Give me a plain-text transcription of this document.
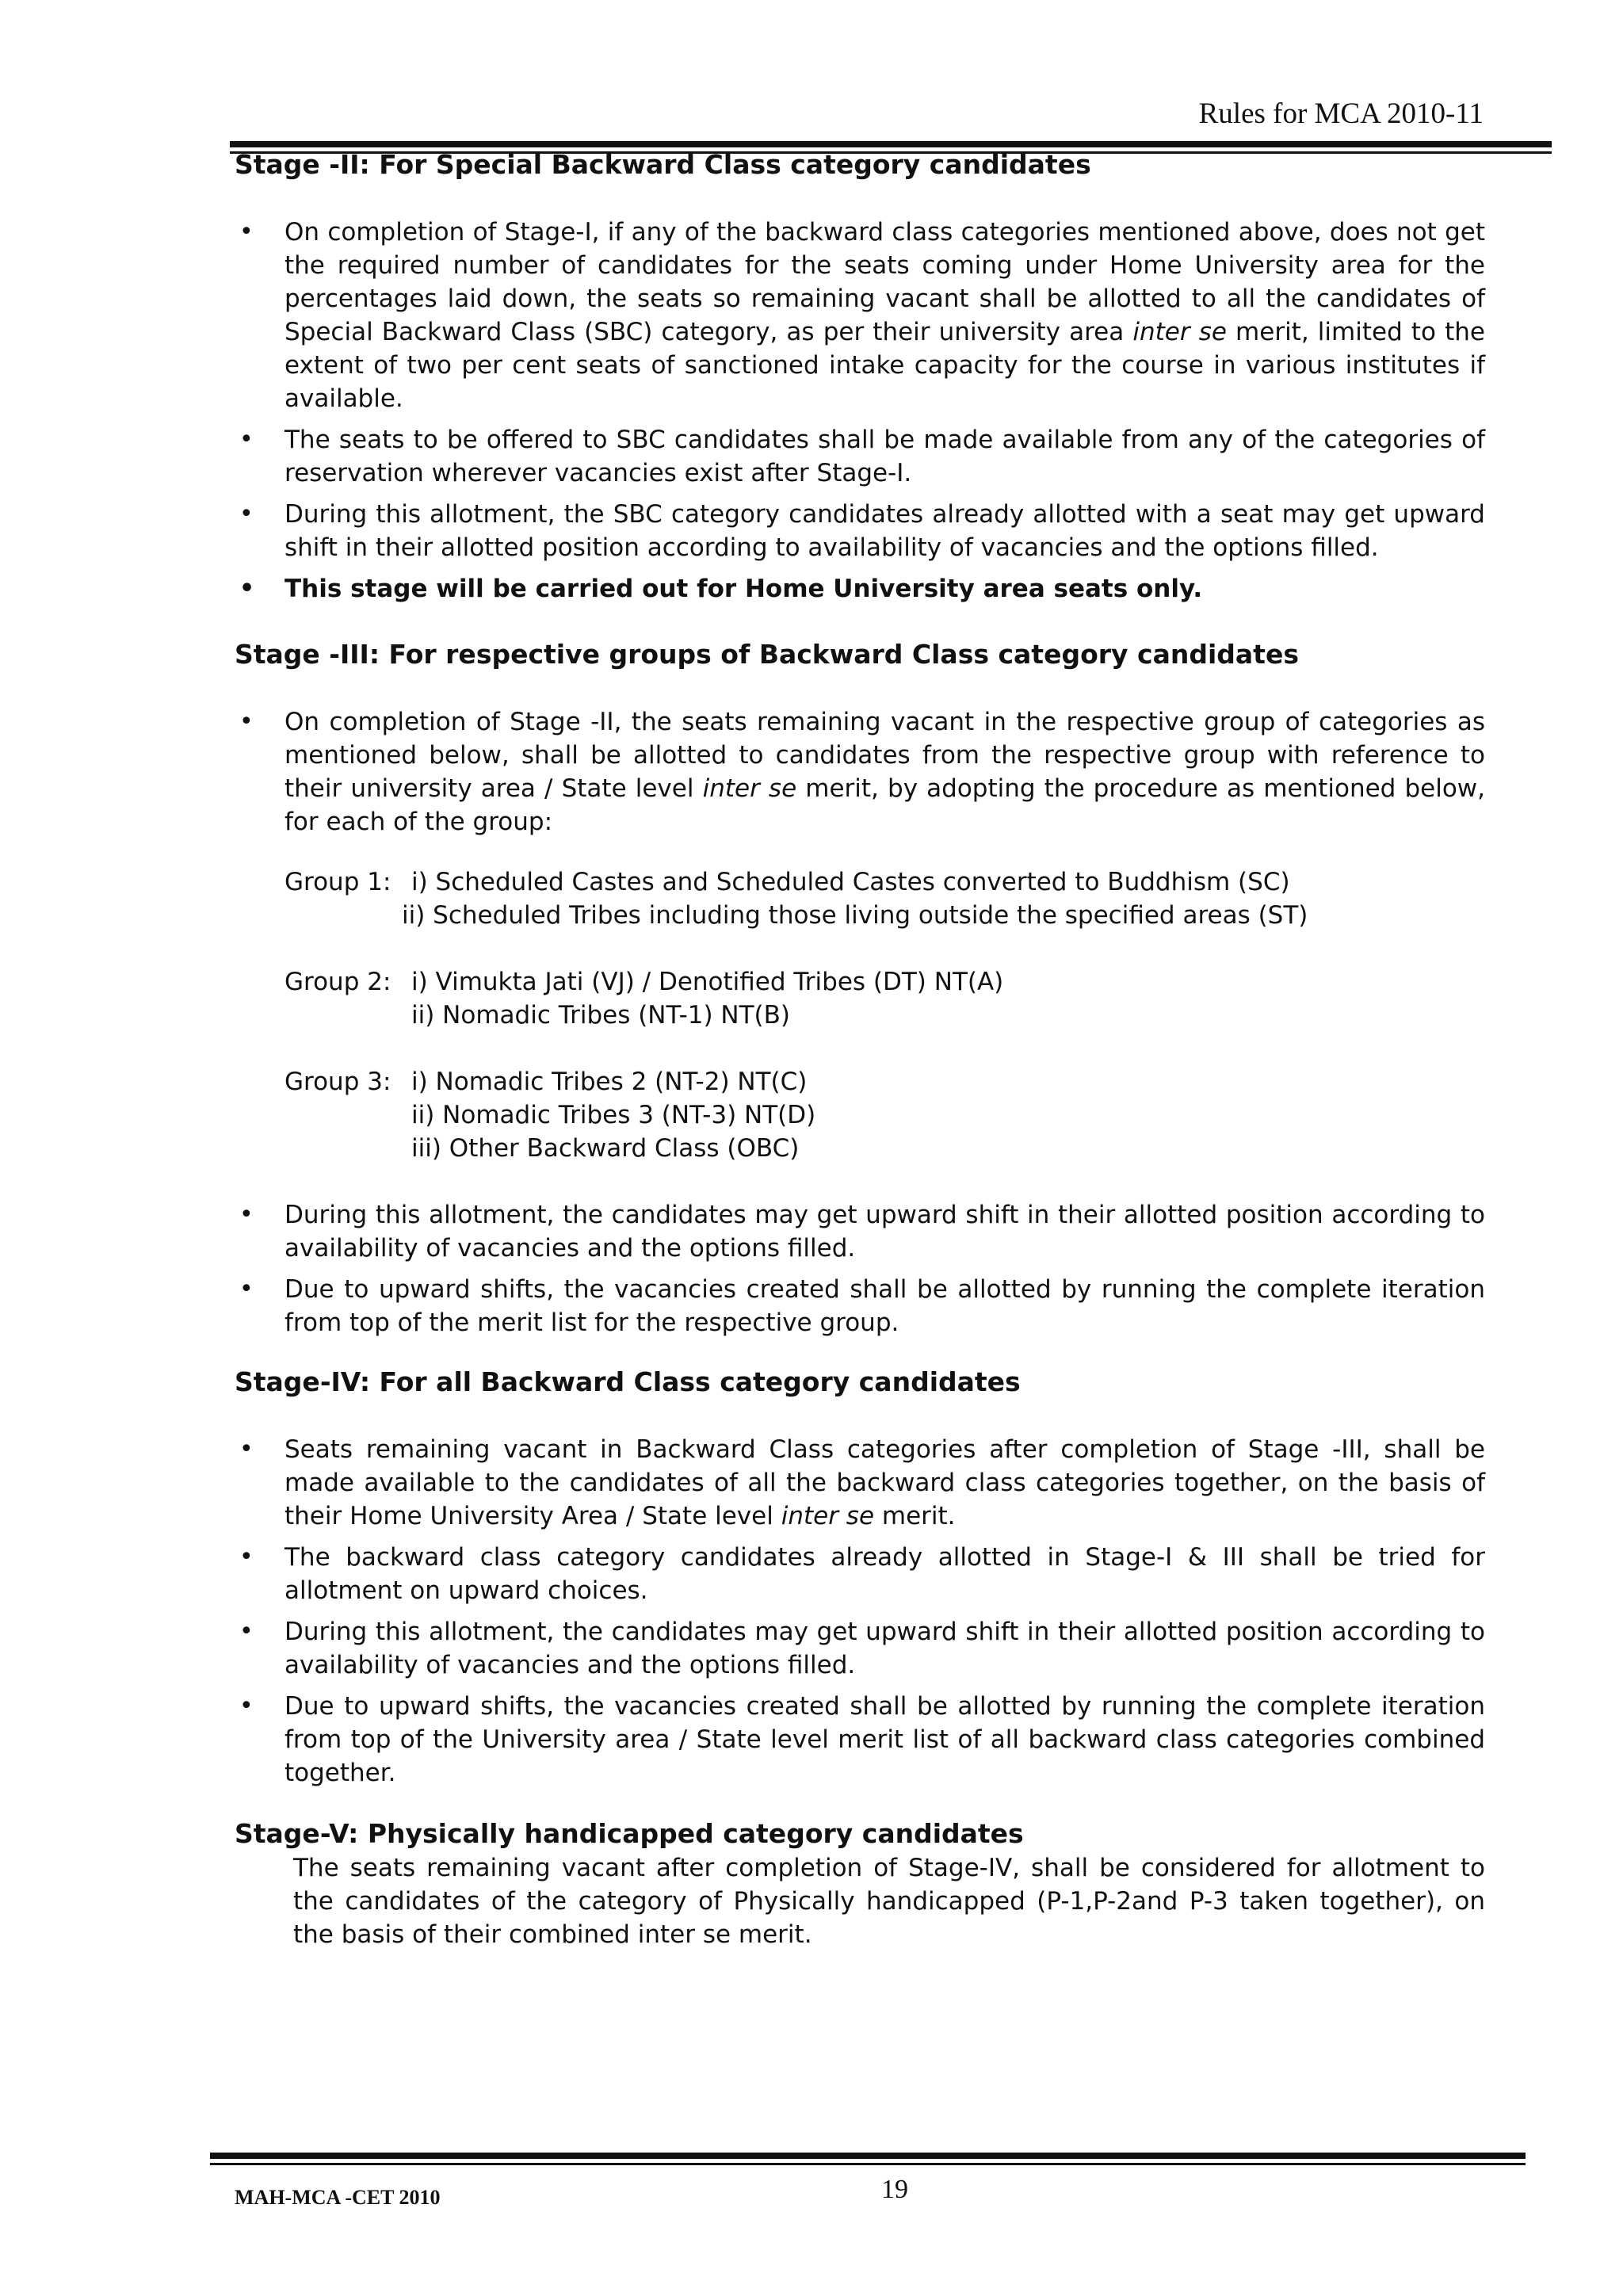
Rules for MCA 2010-11
Stage -II: For Special Backward Class category candidates
• On completion of Stage-I, if any of the backward class categories mentioned above, does not get the required number of candidates for the seats coming under Home University area for the percentages laid down, the seats so remaining vacant shall be allotted to all the candidates of Special Backward Class (SBC) category, as per their university area inter se merit, limited to the extent of two per cent seats of sanctioned intake capacity for the course in various institutes if available.
• The seats to be offered to SBC candidates shall be made available from any of the categories of reservation wherever vacancies exist after Stage-I.
• During this allotment, the SBC category candidates already allotted with a seat may get upward shift in their allotted position according to availability of vacancies and the options filled.
• This stage will be carried out for Home University area seats only.
Stage -III: For respective groups of Backward Class category candidates
• On completion of Stage -II, the seats remaining vacant in the respective group of categories as mentioned below, shall be allotted to candidates from the respective group with reference to their university area / State level inter se merit, by adopting the procedure as mentioned below, for each of the group:
Group 1: i) Scheduled Castes and Scheduled Castes converted to Buddhism (SC)
ii) Scheduled Tribes including those living outside the specified areas (ST)
Group 2: i) Vimukta Jati (VJ) / Denotified Tribes (DT) NT(A)
ii) Nomadic Tribes (NT-1) NT(B)
Group 3: i) Nomadic Tribes 2 (NT-2) NT(C)
ii) Nomadic Tribes 3 (NT-3) NT(D)
iii) Other Backward Class (OBC)
• During this allotment, the candidates may get upward shift in their allotted position according to availability of vacancies and the options filled.
• Due to upward shifts, the vacancies created shall be allotted by running the complete iteration from top of the merit list for the respective group.
Stage-IV: For all Backward Class category candidates
• Seats remaining vacant in Backward Class categories after completion of Stage -III, shall be made available to the candidates of all the backward class categories together, on the basis of their Home University Area / State level inter se merit.
• The backward class category candidates already allotted in Stage-I & III shall be tried for allotment on upward choices.
• During this allotment, the candidates may get upward shift in their allotted position according to availability of vacancies and the options filled.
• Due to upward shifts, the vacancies created shall be allotted by running the complete iteration from top of the University area / State level merit list of all backward class categories combined together.
Stage-V: Physically handicapped category candidates
The seats remaining vacant after completion of Stage-IV, shall be considered for allotment to the candidates of the category of Physically handicapped (P-1,P-2and P-3 taken together), on the basis of their combined inter se merit.
MAH-MCA -CET 2010	19
